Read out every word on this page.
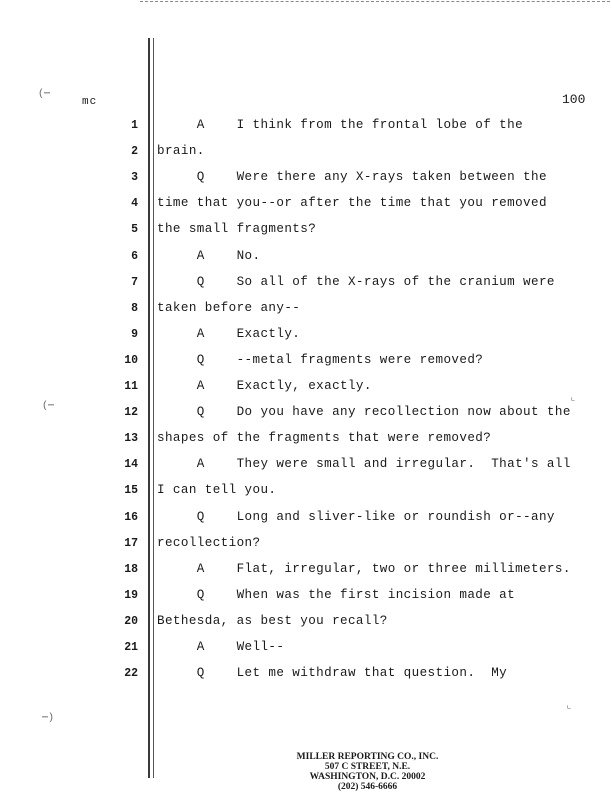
(⋯
(⋯
⋯)
⌞
⌞
mc	100
1 A    I think from the frontal lobe of the
2 brain.
3 Q    Were there any X-rays taken between the
4 time that you--or after the time that you removed
5 the small fragments?
6 A    No.
7 Q    So all of the X-rays of the cranium were
8 taken before any--
9 A    Exactly.
10 Q    --metal fragments were removed?
11 A    Exactly, exactly.
12 Q    Do you have any recollection now about the
13 shapes of the fragments that were removed?
14 A    They were small and irregular.  That's all
15 I can tell you.
16 Q    Long and sliver-like or roundish or--any
17 recollection?
18 A    Flat, irregular, two or three millimeters.
19 Q    When was the first incision made at
20 Bethesda, as best you recall?
21 A    Well--
22 Q    Let me withdraw that question.  My
MILLER REPORTING CO., INC.
507 C STREET, N.E.
WASHINGTON, D.C. 20002
(202) 546-6666
